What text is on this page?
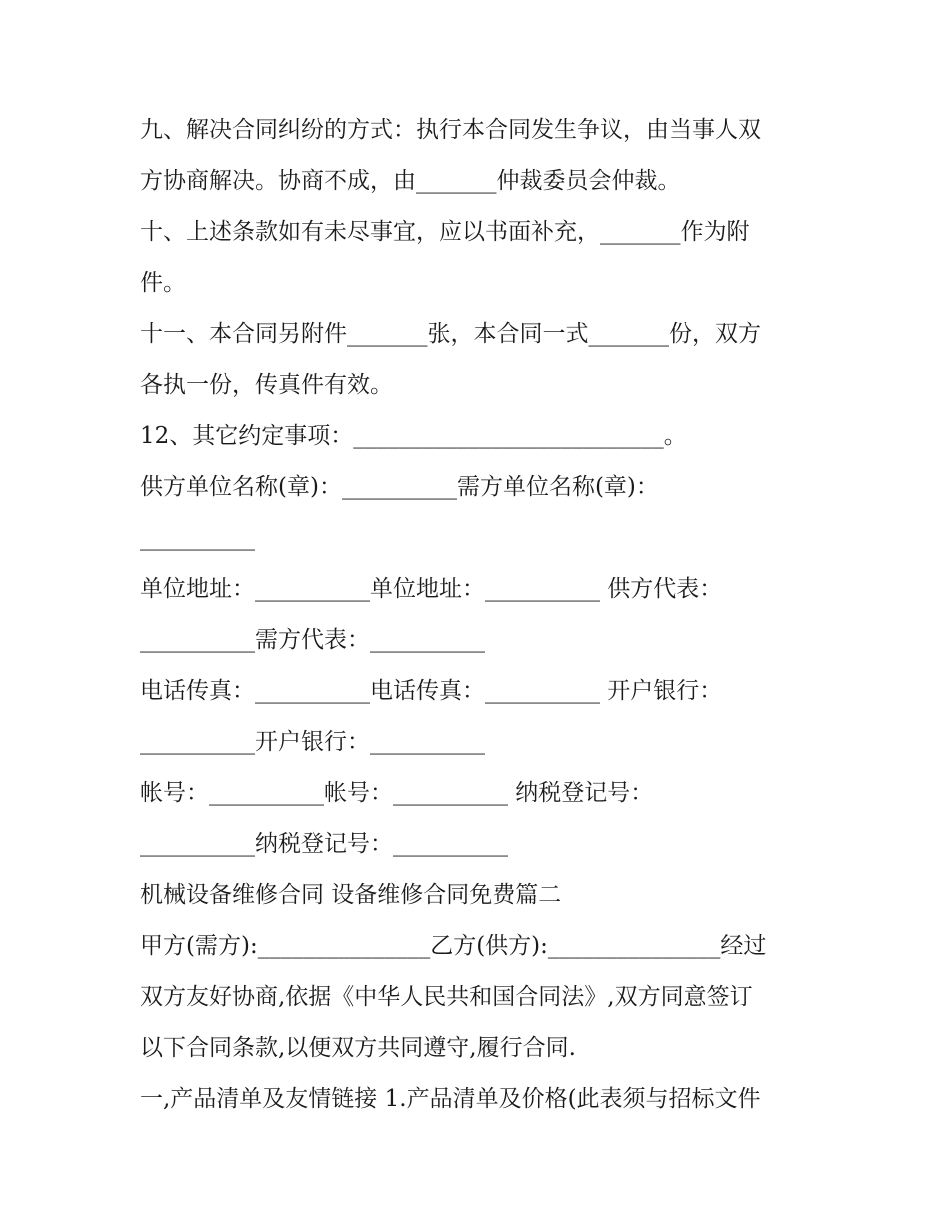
九、解决合同纠纷的方式：执行本合同发生争议，由当事人双
方协商解决。协商不成，由_______仲裁委员会仲裁。
十、上述条款如有未尽事宜，应以书面补充，_______作为附
件。
十一、本合同另附件_______张，本合同一式_______份，双方
各执一份，传真件有效。
12、其它约定事项：___________________________。
供方单位名称(章)：__________需方单位名称(章)：
__________
单位地址：__________单位地址：__________ 供方代表：
__________需方代表：__________
电话传真：__________电话传真：__________ 开户银行：
__________开户银行：__________
帐号：__________帐号：__________ 纳税登记号：
__________纳税登记号：__________
机械设备维修合同 设备维修合同免费篇二
甲方(需方):_______________乙方(供方):_______________经过
双方友好协商,依据《中华人民共和国合同法》,双方同意签订
以下合同条款,以便双方共同遵守,履行合同.
一,产品清单及友情链接 1.产品清单及价格(此表须与招标文件
